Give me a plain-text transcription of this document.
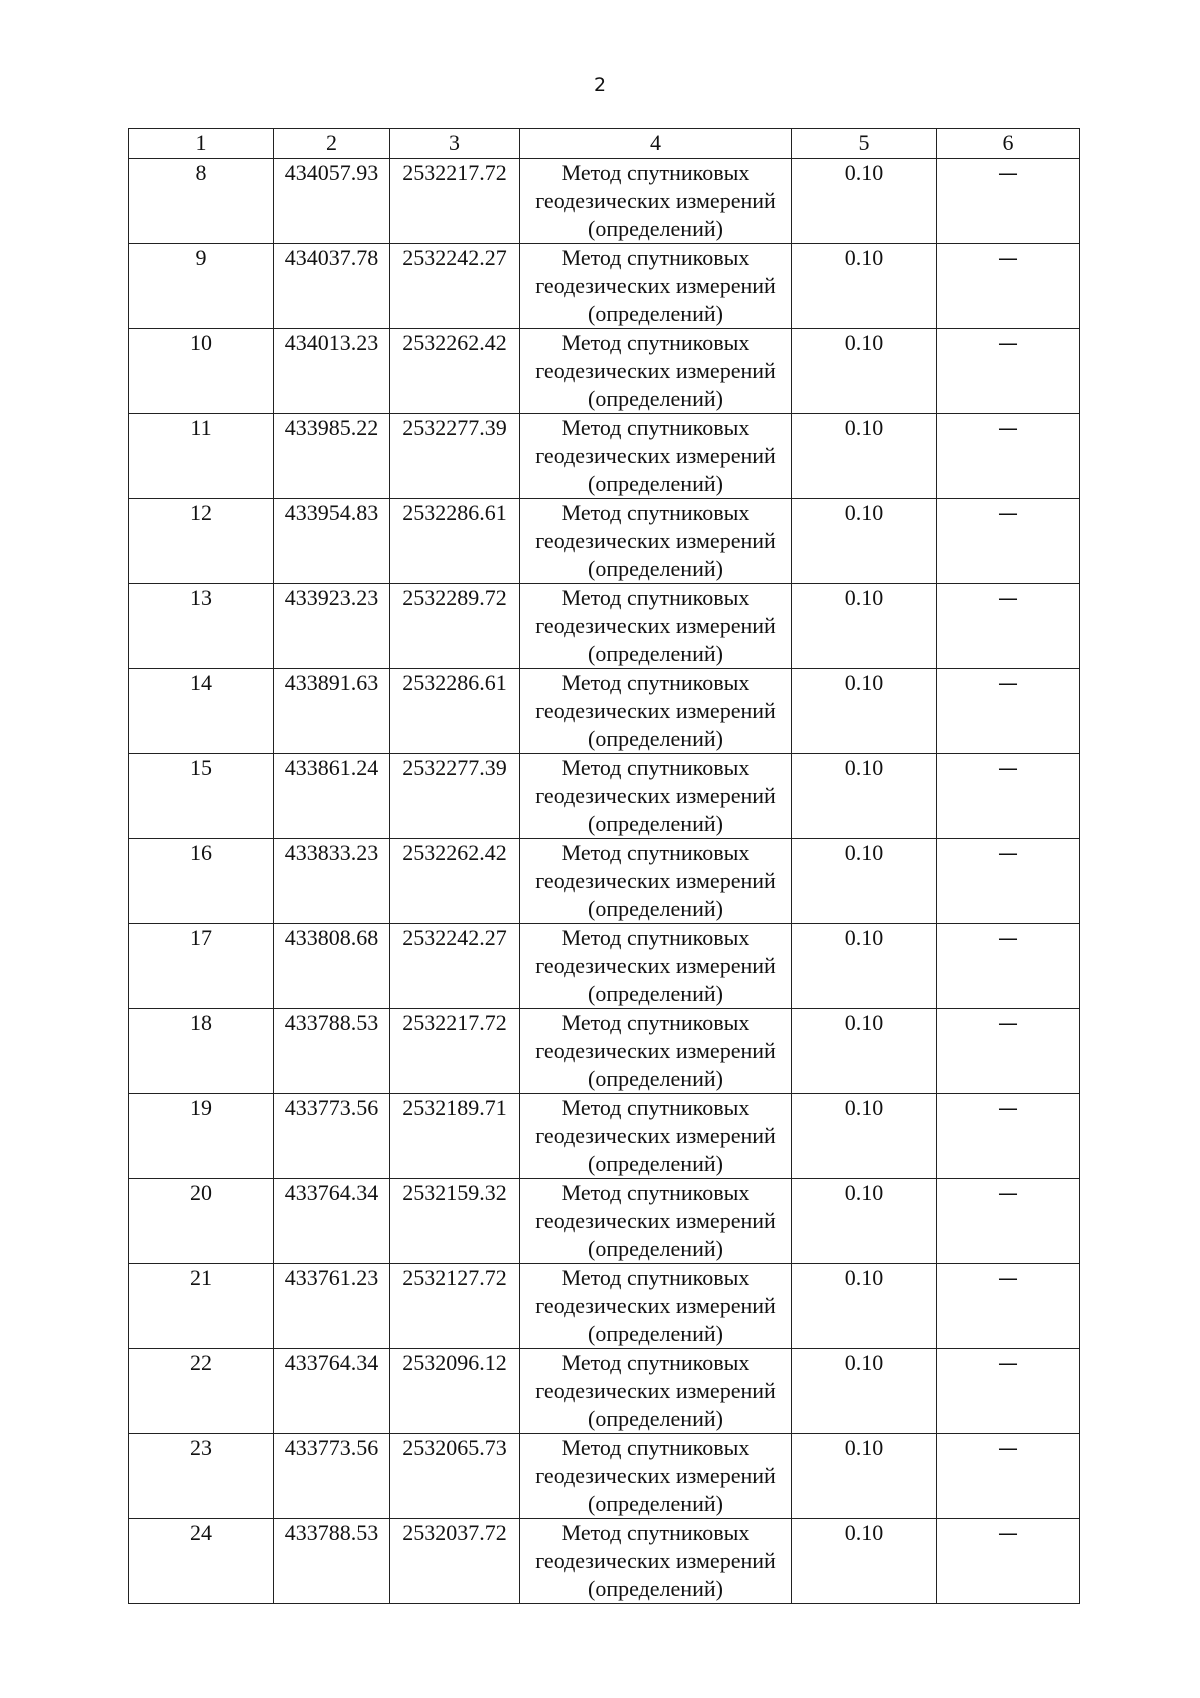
2
1	2	3	4	5	6
8	434057.93	2532217.72	Метод спутниковых
геодезических измерений
(определений)	0.10	—
9	434037.78	2532242.27	Метод спутниковых
геодезических измерений
(определений)	0.10	—
10	434013.23	2532262.42	Метод спутниковых
геодезических измерений
(определений)	0.10	—
11	433985.22	2532277.39	Метод спутниковых
геодезических измерений
(определений)	0.10	—
12	433954.83	2532286.61	Метод спутниковых
геодезических измерений
(определений)	0.10	—
13	433923.23	2532289.72	Метод спутниковых
геодезических измерений
(определений)	0.10	—
14	433891.63	2532286.61	Метод спутниковых
геодезических измерений
(определений)	0.10	—
15	433861.24	2532277.39	Метод спутниковых
геодезических измерений
(определений)	0.10	—
16	433833.23	2532262.42	Метод спутниковых
геодезических измерений
(определений)	0.10	—
17	433808.68	2532242.27	Метод спутниковых
геодезических измерений
(определений)	0.10	—
18	433788.53	2532217.72	Метод спутниковых
геодезических измерений
(определений)	0.10	—
19	433773.56	2532189.71	Метод спутниковых
геодезических измерений
(определений)	0.10	—
20	433764.34	2532159.32	Метод спутниковых
геодезических измерений
(определений)	0.10	—
21	433761.23	2532127.72	Метод спутниковых
геодезических измерений
(определений)	0.10	—
22	433764.34	2532096.12	Метод спутниковых
геодезических измерений
(определений)	0.10	—
23	433773.56	2532065.73	Метод спутниковых
геодезических измерений
(определений)	0.10	—
24	433788.53	2532037.72	Метод спутниковых
геодезических измерений
(определений)	0.10	—
